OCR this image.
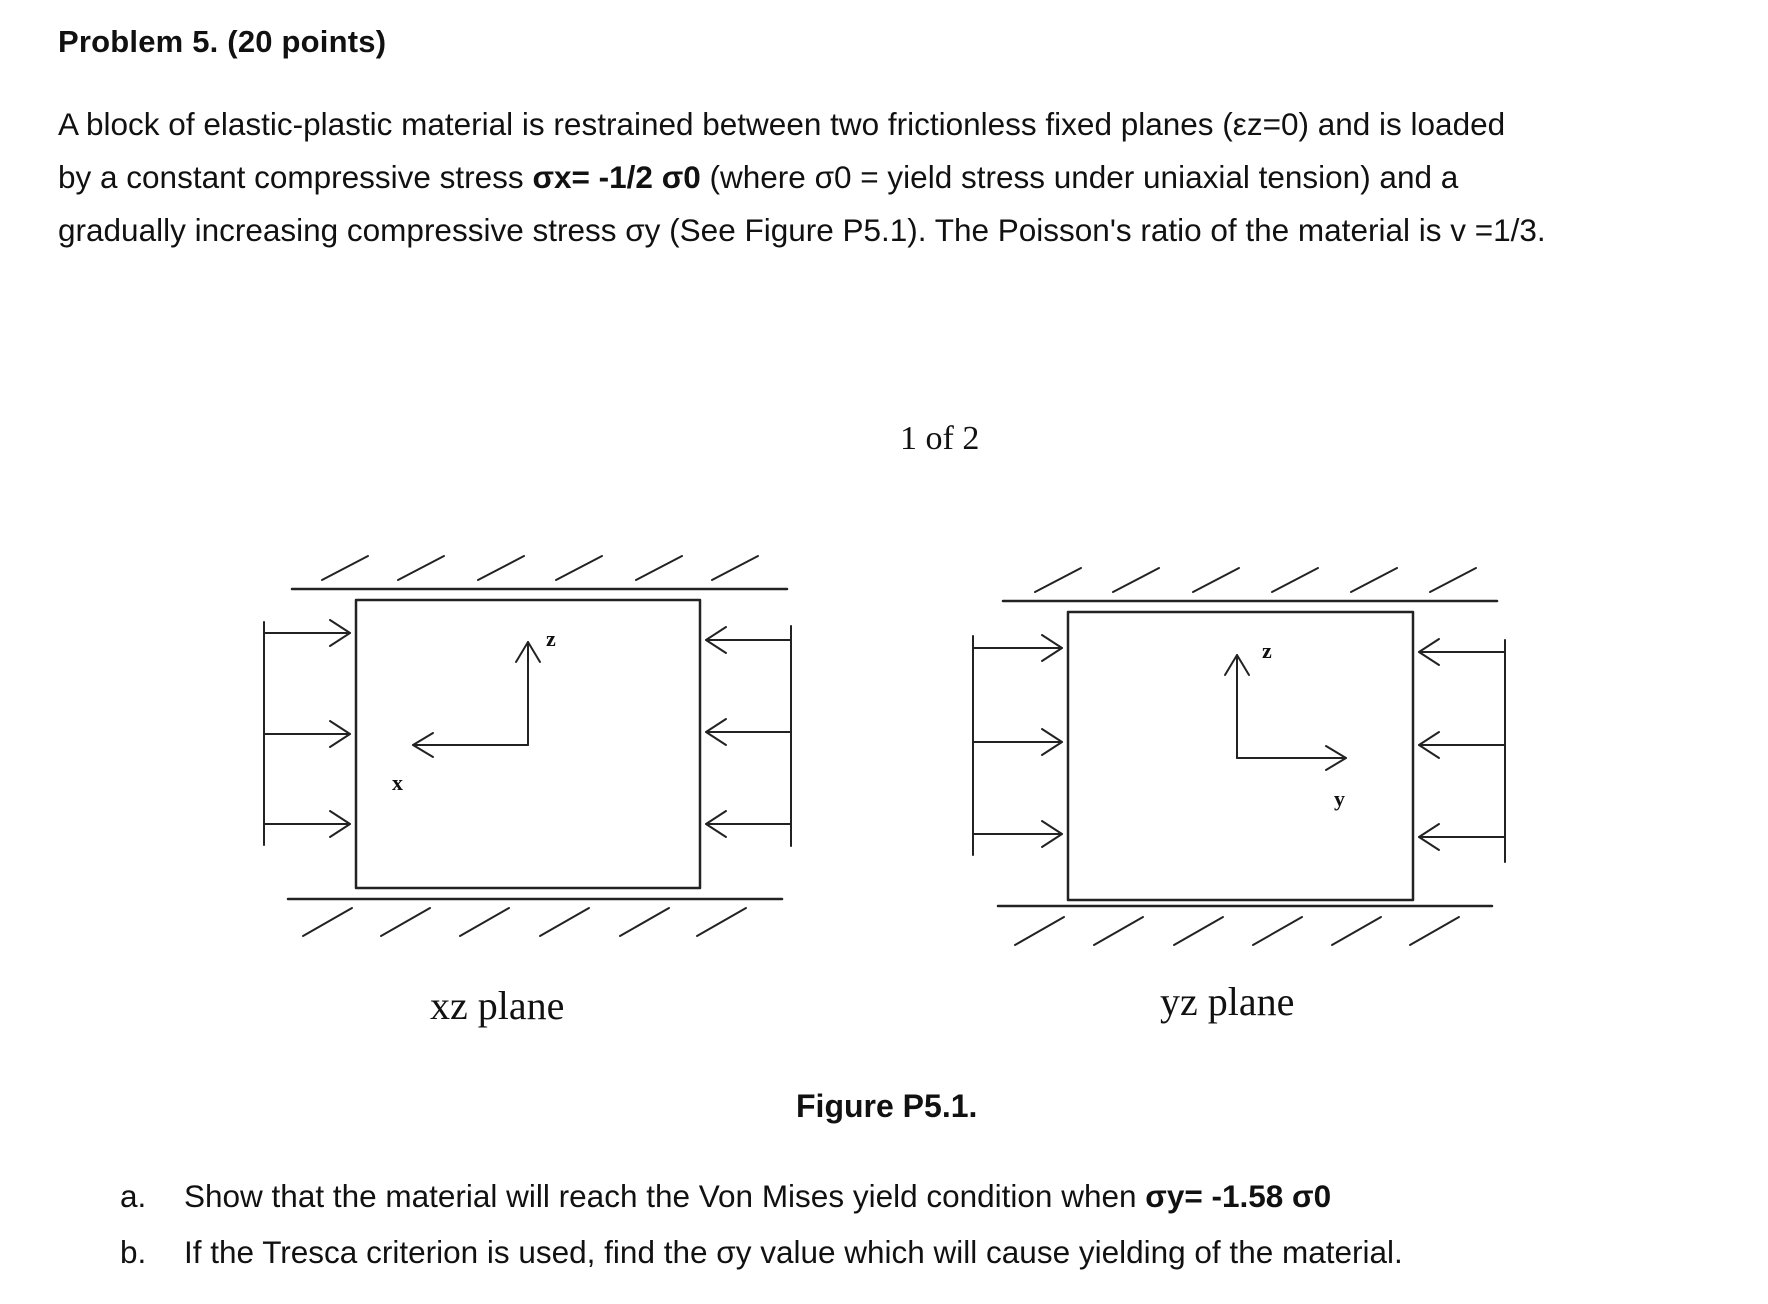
Problem 5. (20 points)
A block of elastic-plastic material is restrained between two frictionless fixed planes (εz=0) and is loaded
by a constant compressive stress σx= -1/2 σ0 (where σ0 = yield stress under uniaxial tension) and a
gradually increasing compressive stress σy (See Figure P5.1). The Poisson's ratio of the material is v =1/3.
1 of 2
z
x
z
y
xz plane	yz plane
Figure P5.1.
a.	Show that the material will reach the Von Mises yield condition when σy= -1.58 σ0
b.	If the Tresca criterion is used, find the σy value which will cause yielding of the material.
